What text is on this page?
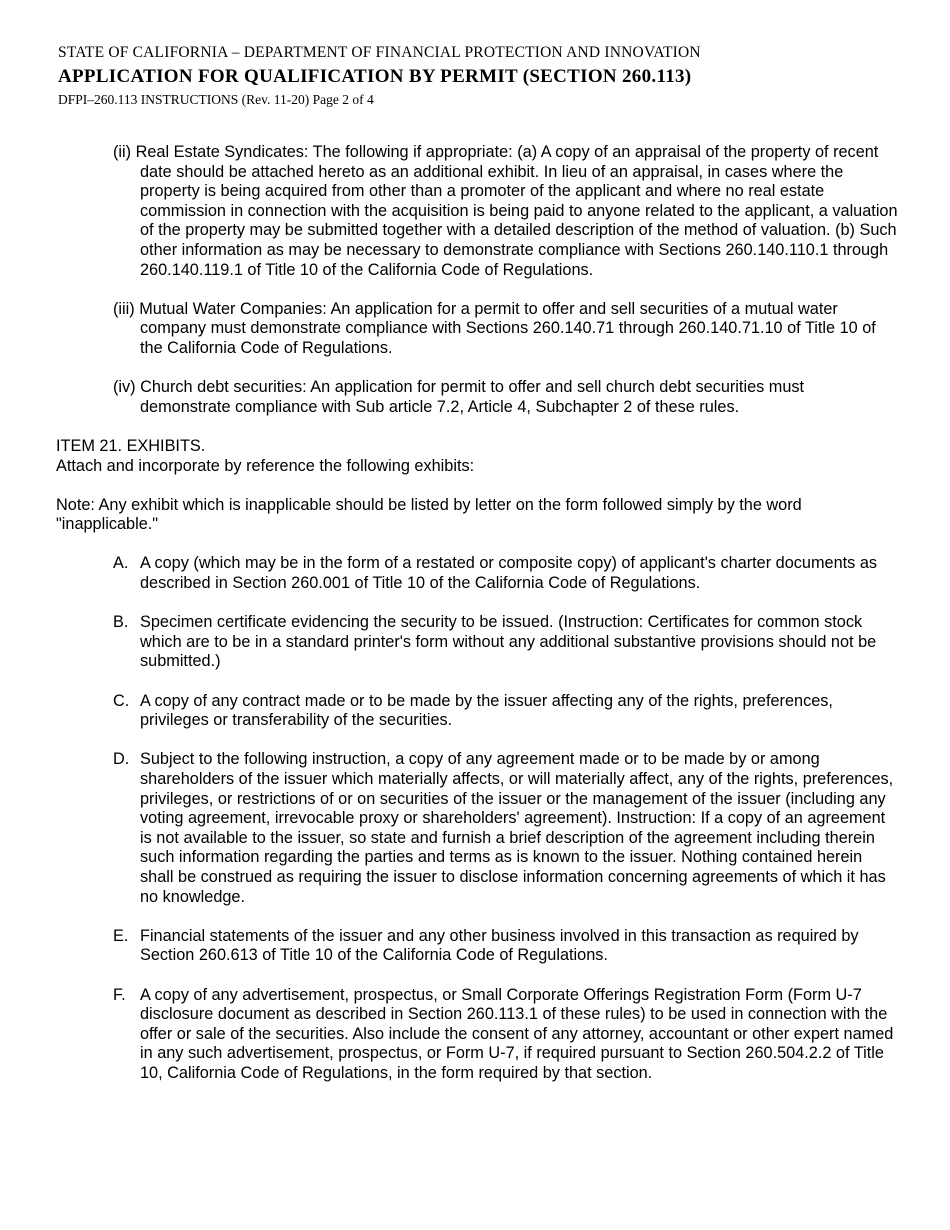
STATE OF CALIFORNIA – DEPARTMENT OF FINANCIAL PROTECTION AND INNOVATION
APPLICATION FOR QUALIFICATION BY PERMIT (SECTION 260.113)
DFPI–260.113 INSTRUCTIONS (Rev. 11-20) Page 2 of 4

(ii) Real Estate Syndicates: The following if appropriate: (a) A copy of an appraisal of the property of recent date should be attached hereto as an additional exhibit. In lieu of an appraisal, in cases where the property is being acquired from other than a promoter of the applicant and where no real estate commission in connection with the acquisition is being paid to anyone related to the applicant, a valuation of the property may be submitted together with a detailed description of the method of valuation. (b) Such other information as may be necessary to demonstrate compliance with Sections 260.140.110.1 through 260.140.119.1 of Title 10 of the California Code of Regulations.

(iii) Mutual Water Companies: An application for a permit to offer and sell securities of a mutual water company must demonstrate compliance with Sections 260.140.71 through 260.140.71.10 of Title 10 of the California Code of Regulations.

(iv) Church debt securities: An application for permit to offer and sell church debt securities must demonstrate compliance with Sub article 7.2, Article 4, Subchapter 2 of these rules.

ITEM 21. EXHIBITS.

Attach and incorporate by reference the following exhibits:

Note: Any exhibit which is inapplicable should be listed by letter on the form followed simply by the word "inapplicable."

A. A copy (which may be in the form of a restated or composite copy) of applicant's charter documents as described in Section 260.001 of Title 10 of the California Code of Regulations.
B. Specimen certificate evidencing the security to be issued. (Instruction: Certificates for common stock which are to be in a standard printer's form without any additional substantive provisions should not be submitted.)
C. A copy of any contract made or to be made by the issuer affecting any of the rights, preferences, privileges or transferability of the securities.
D. Subject to the following instruction, a copy of any agreement made or to be made by or among shareholders of the issuer which materially affects, or will materially affect, any of the rights, preferences, privileges, or restrictions of or on securities of the issuer or the management of the issuer (including any voting agreement, irrevocable proxy or shareholders' agreement). Instruction: If a copy of an agreement is not available to the issuer, so state and furnish a brief description of the agreement including therein such information regarding the parties and terms as is known to the issuer. Nothing contained herein shall be construed as requiring the issuer to disclose information concerning agreements of which it has no knowledge.
E. Financial statements of the issuer and any other business involved in this transaction as required by Section 260.613 of Title 10 of the California Code of Regulations.
F. A copy of any advertisement, prospectus, or Small Corporate Offerings Registration Form (Form U-7 disclosure document as described in Section 260.113.1 of these rules) to be used in connection with the offer or sale of the securities. Also include the consent of any attorney, accountant or other expert named in any such advertisement, prospectus, or Form U-7, if required pursuant to Section 260.504.2.2 of Title 10, California Code of Regulations, in the form required by that section.
